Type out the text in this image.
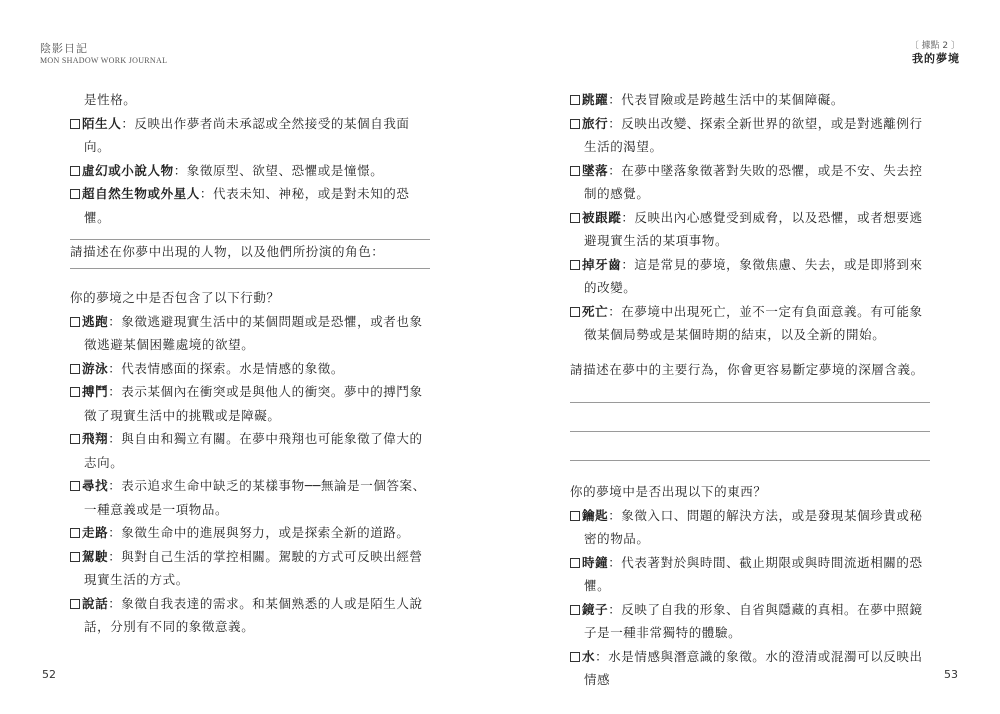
陰影日記
MON SHADOW WORK JOURNAL
是性格。
陌生人：反映出作夢者尚未承認或全然接受的某個自我面向。
虛幻或小說人物：象徵原型、欲望、恐懼或是憧憬。
超自然生物或外星人：代表未知、神秘，或是對未知的恐懼。
請描述在你夢中出現的人物，以及他們所扮演的角色：
你的夢境之中是否包含了以下行動？
逃跑：象徵逃避現實生活中的某個問題或是恐懼，或者也象徵逃避某個困難處境的欲望。
游泳：代表情感面的探索。水是情感的象徵。
搏鬥：表示某個內在衝突或是與他人的衝突。夢中的搏鬥象徵了現實生活中的挑戰或是障礙。
飛翔：與自由和獨立有關。在夢中飛翔也可能象徵了偉大的志向。
尋找：表示追求生命中缺乏的某樣事物──無論是一個答案、一種意義或是一項物品。
走路：象徵生命中的進展與努力，或是探索全新的道路。
駕駛：與對自己生活的掌控相關。駕駛的方式可反映出經營現實生活的方式。
說話：象徵自我表達的需求。和某個熟悉的人或是陌生人說話，分別有不同的象徵意義。
52
〔 據點 2 〕
我的夢境
跳躍：代表冒險或是跨越生活中的某個障礙。
旅行：反映出改變、探索全新世界的欲望，或是對逃離例行生活的渴望。
墜落：在夢中墜落象徵著對失敗的恐懼，或是不安、失去控制的感覺。
被跟蹤：反映出內心感覺受到威脅，以及恐懼，或者想要逃避現實生活的某項事物。
掉牙齒：這是常見的夢境，象徵焦慮、失去，或是即將到來的改變。
死亡：在夢境中出現死亡，並不一定有負面意義。有可能象徵某個局勢或是某個時期的結束，以及全新的開始。
請描述在夢中的主要行為，你會更容易斷定夢境的深層含義。
你的夢境中是否出現以下的東西？
鑰匙：象徵入口、問題的解決方法，或是發現某個珍貴或秘密的物品。
時鐘：代表著對於與時間、截止期限或與時間流逝相關的恐懼。
鏡子：反映了自我的形象、自省與隱藏的真相。在夢中照鏡子是一種非常獨特的體驗。
水：水是情感與潛意識的象徵。水的澄清或混濁可以反映出情感	53
